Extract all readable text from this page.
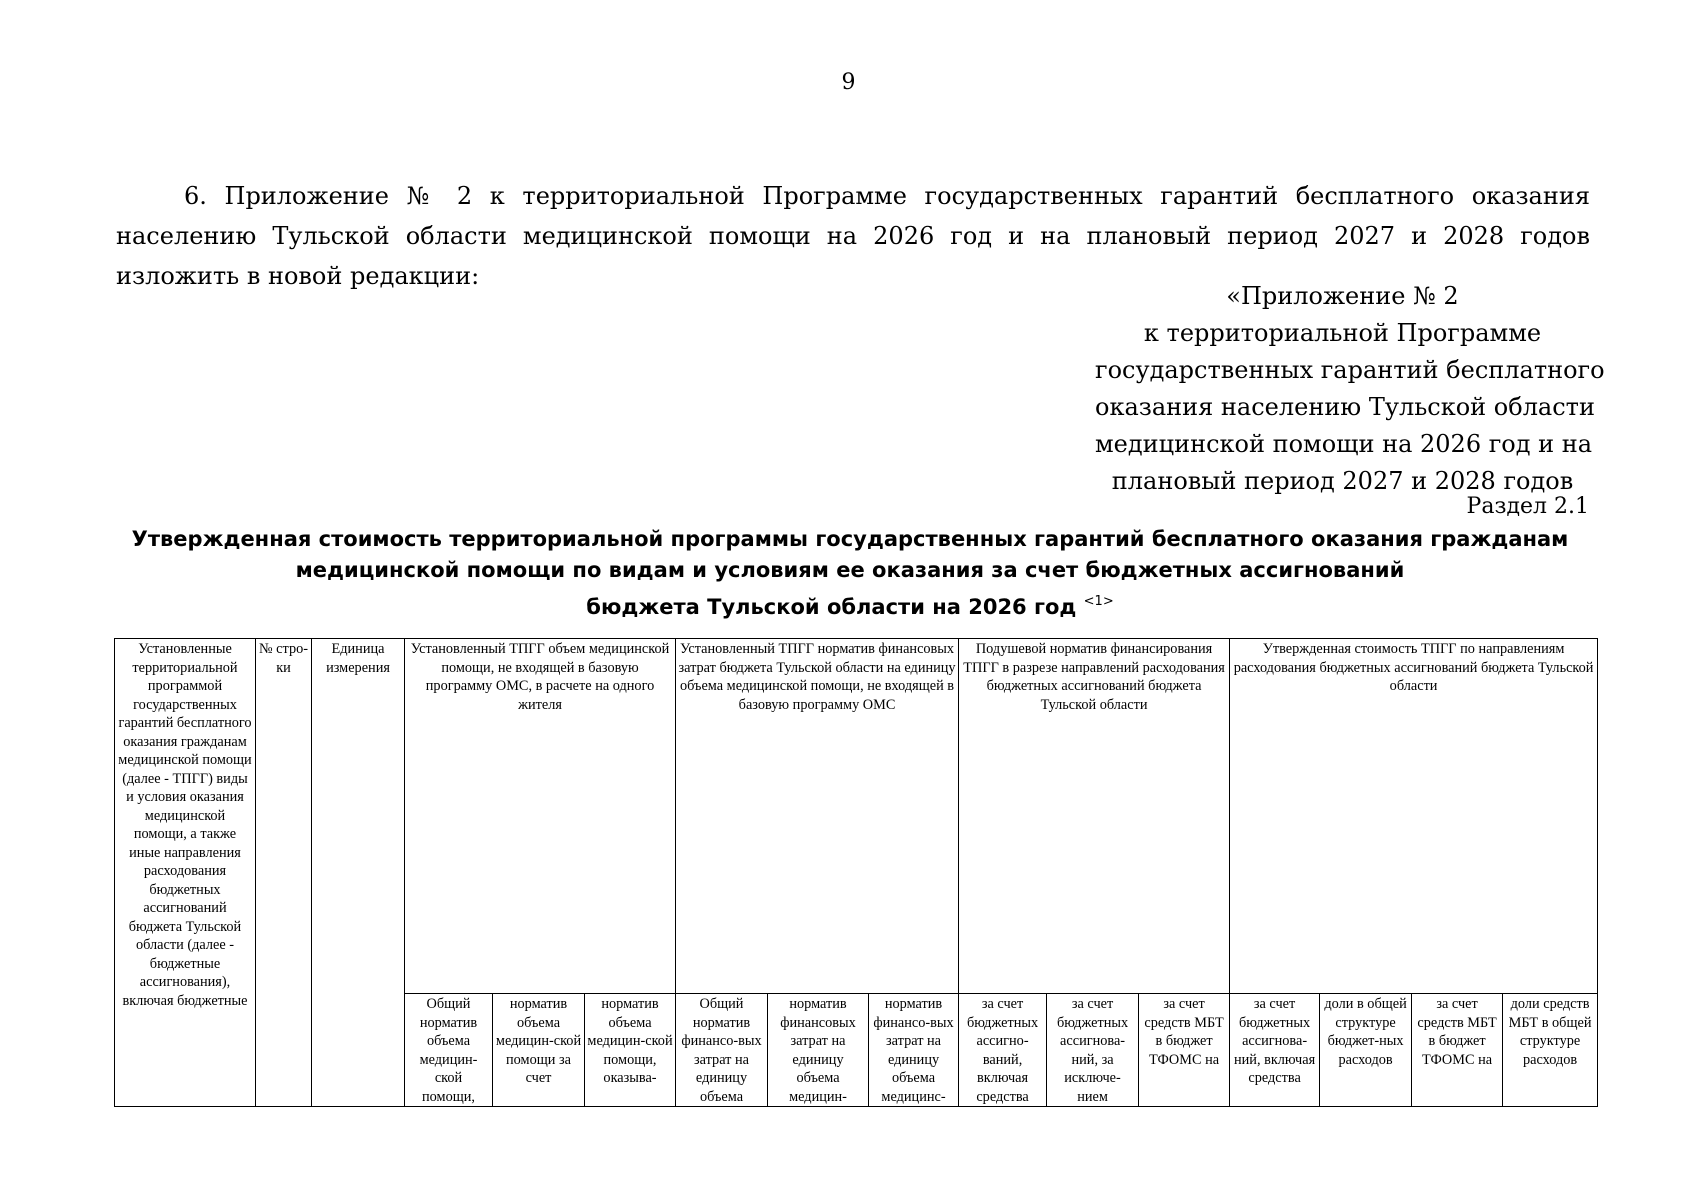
9
6. Приложение № 2 к территориальной Программе государственных гарантий бесплатного оказания населению Тульской области медицинской помощи на 2026 год и на плановый период 2027 и 2028 годов изложить в новой редакции:
«Приложение № 2
к территориальной Программе
государственных гарантий бесплатного
оказания населению Тульской области
медицинской помощи на 2026 год и на
плановый период 2027 и 2028 годов
Раздел 2.1
Утвержденная стоимость территориальной программы государственных гарантий бесплатного оказания гражданам
медицинской помощи по видам и условиям ее оказания за счет бюджетных ассигнований
бюджета Тульской области на 2026 год $^{<1>}$
Установленные территориальной программой государственных гарантий бесплатного оказания гражданам медицинской помощи (далее - ТПГГ) виды и условия оказания медицинской помощи, а также иные направления расходования бюджетных ассигнований бюджета Тульской области (далее - бюджетные ассигнования), включая бюджетные	№ стро-ки	Единица измерения	Установленный ТПГГ объем медицинской помощи, не входящей в базовую программу ОМС, в расчете на одного жителя			Установленный ТПГГ норматив финансовых затрат бюджета Тульской области на единицу объема медицинской помощи, не входящей в базовую программу ОМС			Подушевой норматив финансирования ТПГГ в разрезе направлений расходования бюджетных ассигнований бюджета Тульской области			Утвержденная стоимость ТПГГ по направлениям расходования бюджетных ассигнований бюджета Тульской области			
			Общий норматив объема медицин-ской помощи,	норматив объема медицин-ской помощи за счет	норматив объема медицин-ской помощи, оказыва-	Общий норматив финансо-вых затрат на единицу объема	норматив финансовых затрат на единицу объема медицин-	норматив финансо-вых затрат на единицу объема медицинс-	за счет бюджетных ассигно-ваний, включая средства	за счет бюджетных ассигнова-ний, за исключе-нием	за счет средств МБТ в бюджет ТФОМС на	за счет бюджетных ассигнова-ний, включая средства	доли в общей структуре бюджет-ных расходов	за счет средств МБТ в бюджет ТФОМС на	доли средств МБТ в общей структуре расходов
